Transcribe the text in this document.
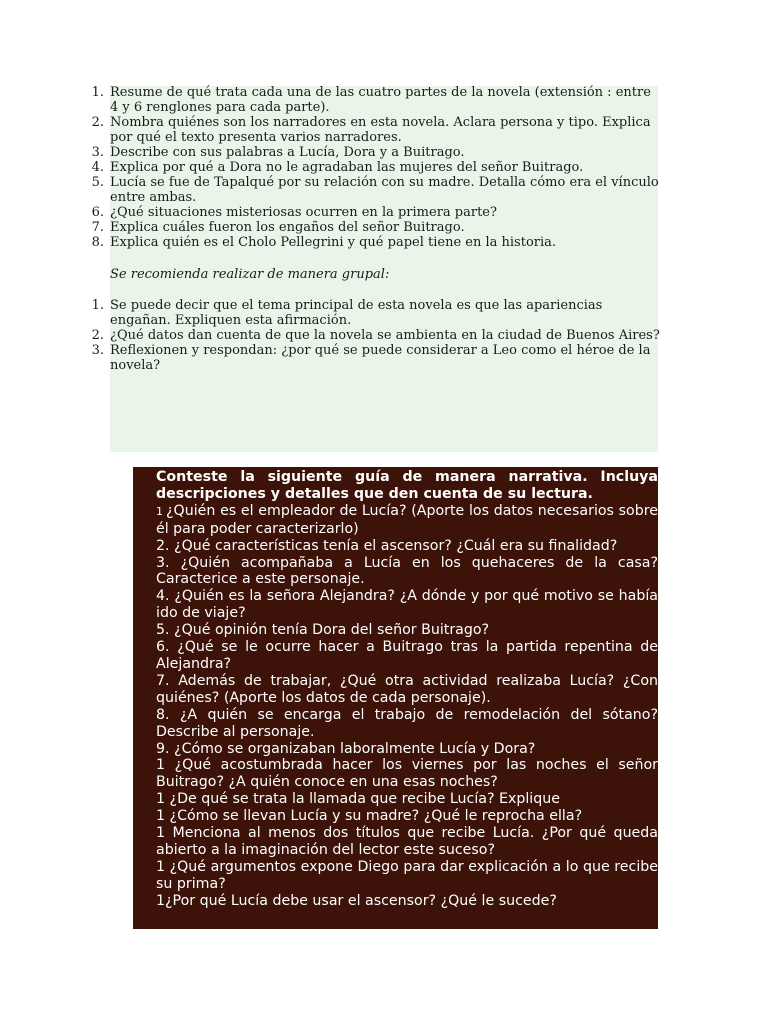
1. Resume de qué trata cada una de las cuatro partes de la novela (extensión : entre 4 y 6 renglones para cada parte).
2. Nombra quiénes son los narradores en esta novela. Aclara persona y tipo. Explica por qué el texto presenta varios narradores.
3. Describe con sus palabras a Lucía, Dora y a Buitrago.
4. Explica por qué a Dora no le agradaban las mujeres del señor Buitrago.
5. Lucía se fue de Tapalqué por su relación con su madre. Detalla cómo era el vínculo entre ambas.
6. ¿Qué situaciones misteriosas ocurren en la primera parte?
7. Explica cuáles fueron los engaños del señor Buitrago.
8. Explica quién es el Cholo Pellegrini y qué papel tiene en la historia.
Se recomienda realizar de manera grupal:
1. Se puede decir que el tema principal de esta novela es que las apariencias engañan. Expliquen esta afirmación.
2. ¿Qué datos dan cuenta de que la novela se ambienta en la ciudad de Buenos Aires?
3. Reflexionen y respondan: ¿por qué se puede considerar a Leo como el héroe de la novela?
4.	Conteste la siguiente guía de manera narrativa. Incluya descripciones y detalles que den cuenta de su lectura.
5.	1 ¿Quién es el empleador de Lucía? (Aporte los datos necesarios sobre él para poder caracterizarlo)
6.	2. ¿Qué características tenía el ascensor? ¿Cuál era su finalidad?
7.	3. ¿Quién acompañaba a Lucía en los quehaceres de la casa? Caracterice a este personaje.
8.	4. ¿Quién es la señora Alejandra? ¿A dónde y por qué motivo se había ido de viaje?
9.	5. ¿Qué opinión tenía Dora del señor Buitrago?
10.	6. ¿Qué se le ocurre hacer a Buitrago tras la partida repentina de Alejandra?
11.	7. Además de trabajar, ¿Qué otra actividad realizaba Lucía? ¿Con quiénes? (Aporte los datos de cada personaje).
12.	8. ¿A quién se encarga el trabajo de remodelación del sótano? Describe al personaje.
13.	9. ¿Cómo se organizaban laboralmente Lucía y Dora?
14.	1 ¿Qué acostumbrada hacer los viernes por las noches el señor Buitrago? ¿A quién conoce en una esas noches?
15.	1 ¿De qué se trata la llamada que recibe Lucía? Explique
16.	1 ¿Cómo se llevan Lucía y su madre? ¿Qué le reprocha ella?
17.	1 Menciona al menos dos títulos que recibe Lucía. ¿Por qué queda abierto a la imaginación del lector este suceso?
18.	1 ¿Qué argumentos expone Diego para dar explicación a lo que recibe su prima?
19.	1¿Por qué Lucía debe usar el ascensor? ¿Qué le sucede?
